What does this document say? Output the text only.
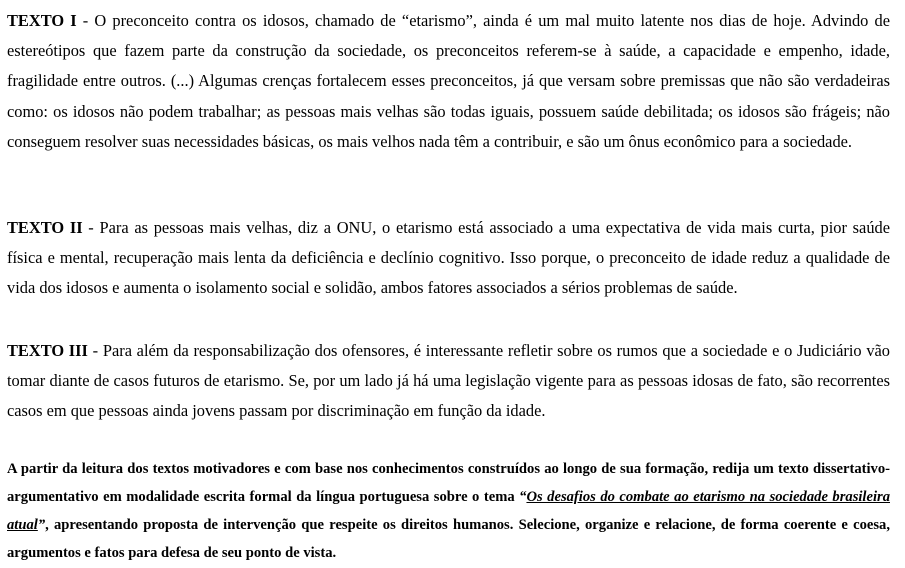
TEXTO I - O preconceito contra os idosos, chamado de “etarismo”, ainda é um mal muito latente nos dias de hoje. Advindo de estereótipos que fazem parte da construção da sociedade, os preconceitos referem-se à saúde, a capacidade e empenho, idade, fragilidade entre outros. (...) Algumas crenças fortalecem esses preconceitos, já que versam sobre premissas que não são verdadeiras como: os idosos não podem trabalhar; as pessoas mais velhas são todas iguais, possuem saúde debilitada; os idosos são frágeis; não conseguem resolver suas necessidades básicas, os mais velhos nada têm a contribuir, e são um ônus econômico para a sociedade.

TEXTO II - Para as pessoas mais velhas, diz a ONU, o etarismo está associado a uma expectativa de vida mais curta, pior saúde física e mental, recuperação mais lenta da deficiência e declínio cognitivo. Isso porque, o preconceito de idade reduz a qualidade de vida dos idosos e aumenta o isolamento social e solidão, ambos fatores associados a sérios problemas de saúde.

TEXTO III - Para além da responsabilização dos ofensores, é interessante refletir sobre os rumos que a sociedade e o Judiciário vão tomar diante de casos futuros de etarismo. Se, por um lado já há uma legislação vigente para as pessoas idosas de fato, são recorrentes casos em que pessoas ainda jovens passam por discriminação em função da idade.

A partir da leitura dos textos motivadores e com base nos conhecimentos construídos ao longo de sua formação, redija um texto dissertativo-argumentativo em modalidade escrita formal da língua portuguesa sobre o tema “Os desafios do combate ao etarismo na sociedade brasileira atual”, apresentando proposta de intervenção que respeite os direitos humanos. Selecione, organize e relacione, de forma coerente e coesa, argumentos e fatos para defesa de seu ponto de vista.
